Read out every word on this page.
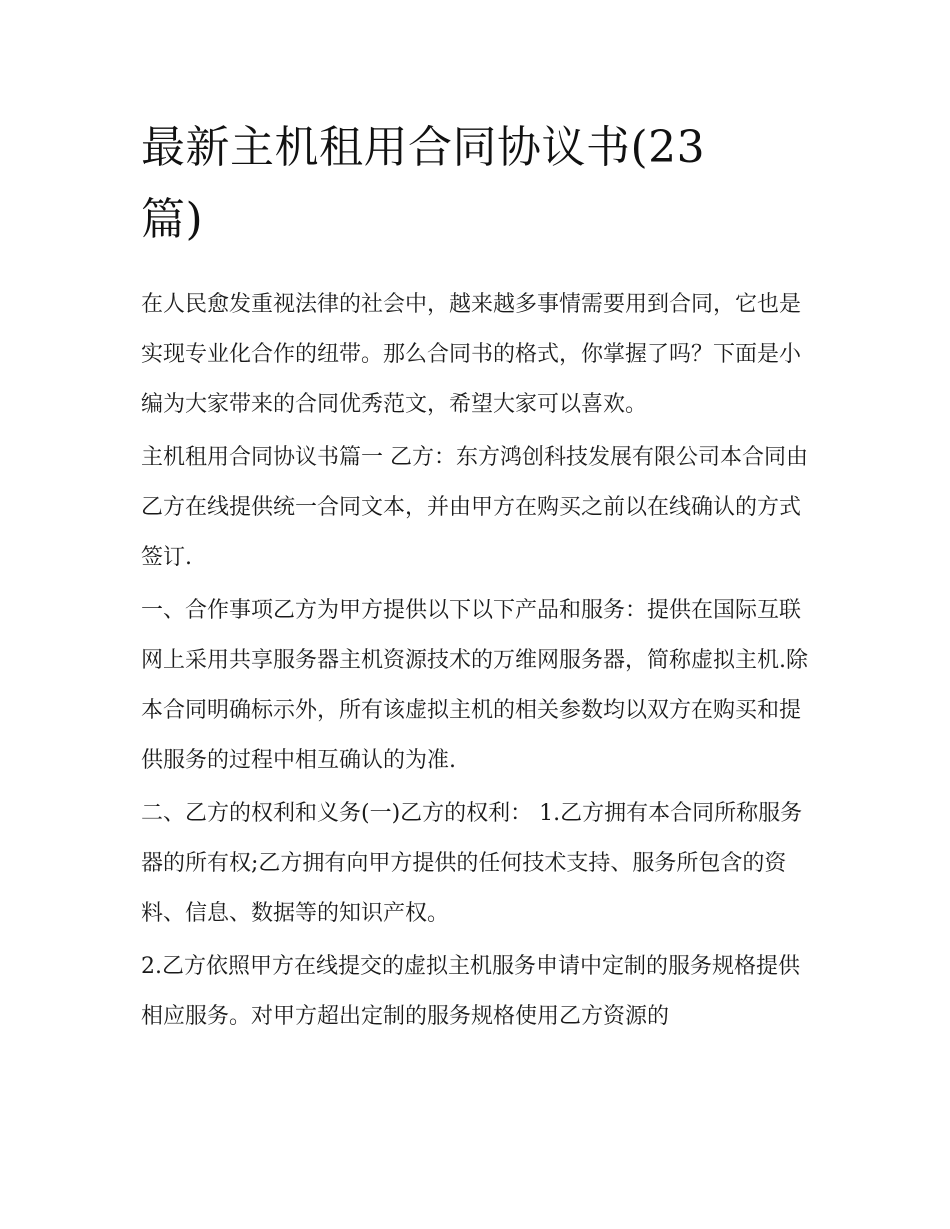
最新主机租用合同协议书(23
篇)

在人民愈发重视法律的社会中，越来越多事情需要用到合同，它也是实现专业化合作的纽带。那么合同书的格式，你掌握了吗？下面是小编为大家带来的合同优秀范文，希望大家可以喜欢。

主机租用合同协议书篇一 乙方：东方鸿创科技发展有限公司本合同由乙方在线提供统一合同文本，并由甲方在购买之前以在线确认的方式签订.

一、合作事项乙方为甲方提供以下以下产品和服务：提供在国际互联网上采用共享服务器主机资源技术的万维网服务器，简称虚拟主机.除本合同明确标示外，所有该虚拟主机的相关参数均以双方在购买和提供服务的过程中相互确认的为准.

二、乙方的权利和义务(一)乙方的权利： 1.乙方拥有本合同所称服务器的所有权;乙方拥有向甲方提供的任何技术支持、服务所包含的资料、信息、数据等的知识产权。

2.乙方依照甲方在线提交的虚拟主机服务申请中定制的服务规格提供相应服务。对甲方超出定制的服务规格使用乙方资源的
